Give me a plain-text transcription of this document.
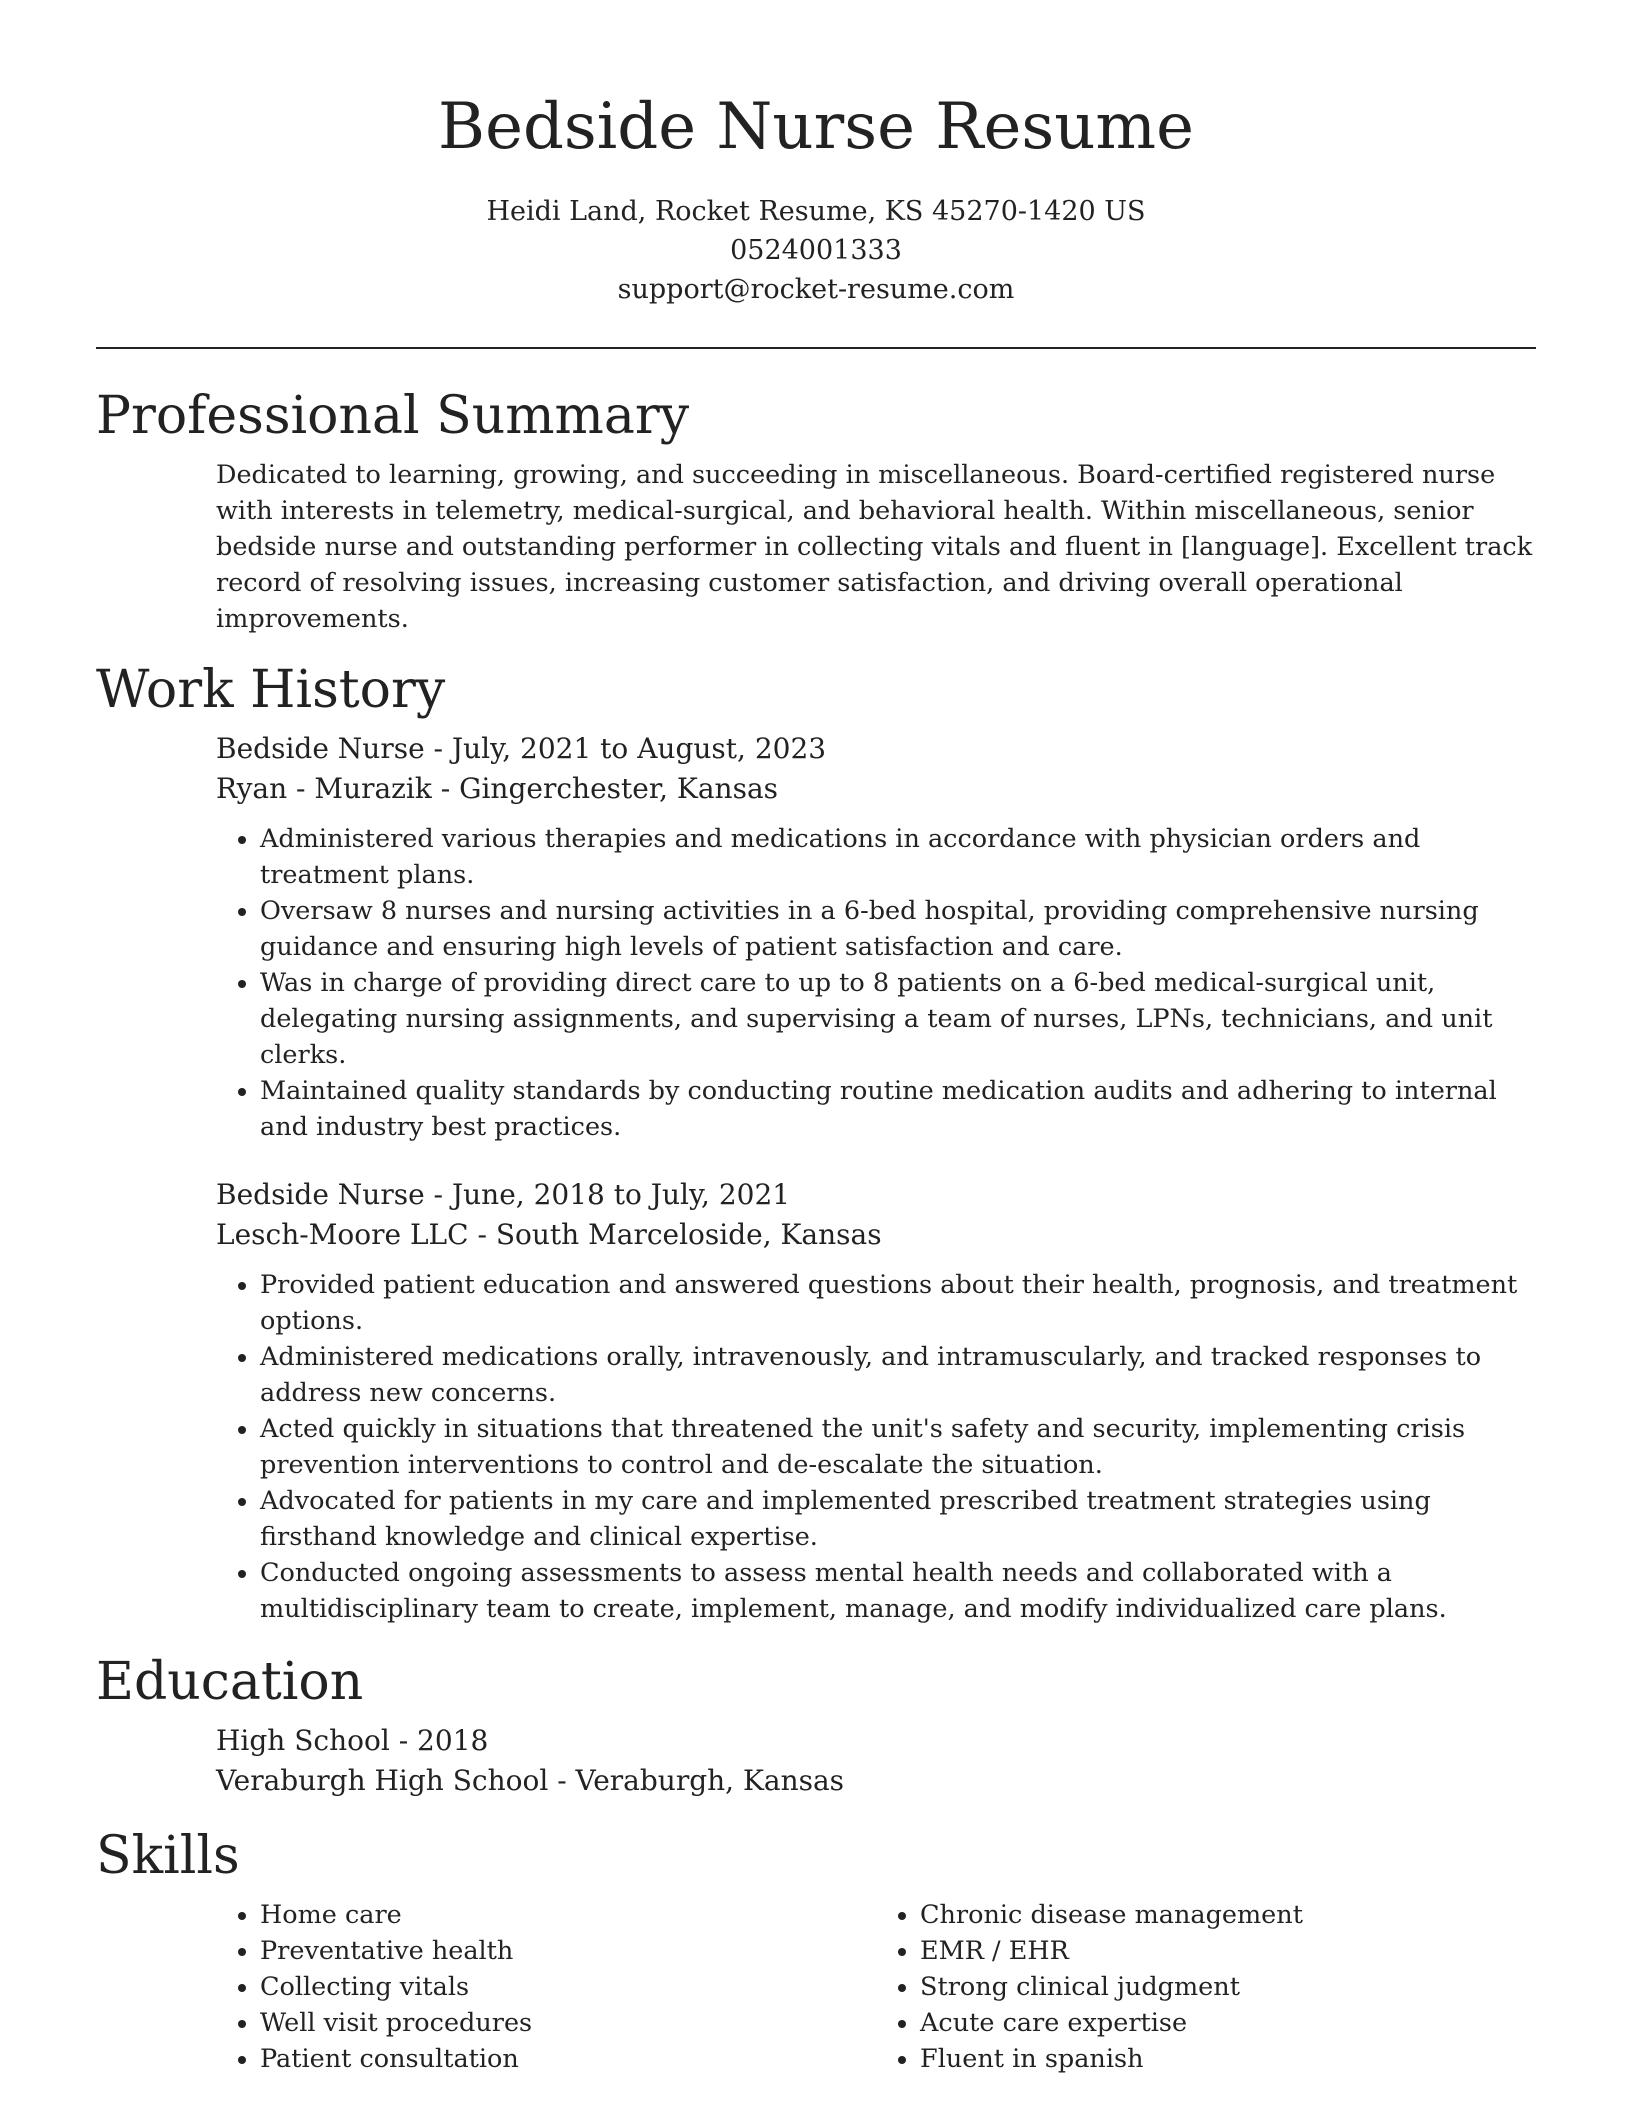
Bedside Nurse Resume
Heidi Land, Rocket Resume, KS 45270-1420 US
0524001333
support@rocket-resume.com
Professional Summary

Dedicated to learning, growing, and succeeding in miscellaneous. Board-certified registered nurse with interests in telemetry, medical-surgical, and behavioral health. Within miscellaneous, senior bedside nurse and outstanding performer in collecting vitals and fluent in [language]. Excellent track record of resolving issues, increasing customer satisfaction, and driving overall operational improvements.

Work History

Bedside Nurse - July, 2021 to August, 2023

Ryan - Murazik - Gingerchester, Kansas

• Administered various therapies and medications in accordance with physician orders and treatment plans.
• Oversaw 8 nurses and nursing activities in a 6-bed hospital, providing comprehensive nursing guidance and ensuring high levels of patient satisfaction and care.
• Was in charge of providing direct care to up to 8 patients on a 6-bed medical-surgical unit, delegating nursing assignments, and supervising a team of nurses, LPNs, technicians, and unit clerks.
• Maintained quality standards by conducting routine medication audits and adhering to internal and industry best practices.

Bedside Nurse - June, 2018 to July, 2021

Lesch-Moore LLC - South Marceloside, Kansas

• Provided patient education and answered questions about their health, prognosis, and treatment options.
• Administered medications orally, intravenously, and intramuscularly, and tracked responses to address new concerns.
• Acted quickly in situations that threatened the unit's safety and security, implementing crisis prevention interventions to control and de-escalate the situation.
• Advocated for patients in my care and implemented prescribed treatment strategies using firsthand knowledge and clinical expertise.
• Conducted ongoing assessments to assess mental health needs and collaborated with a multidisciplinary team to create, implement, manage, and modify individualized care plans.
Education

High School - 2018

Veraburgh High School - Veraburgh, Kansas

Skills
• Home care
• Preventative health
• Collecting vitals
• Well visit procedures
• Patient consultation
• Chronic disease management
• EMR / EHR
• Strong clinical judgment
• Acute care expertise
• Fluent in spanish
